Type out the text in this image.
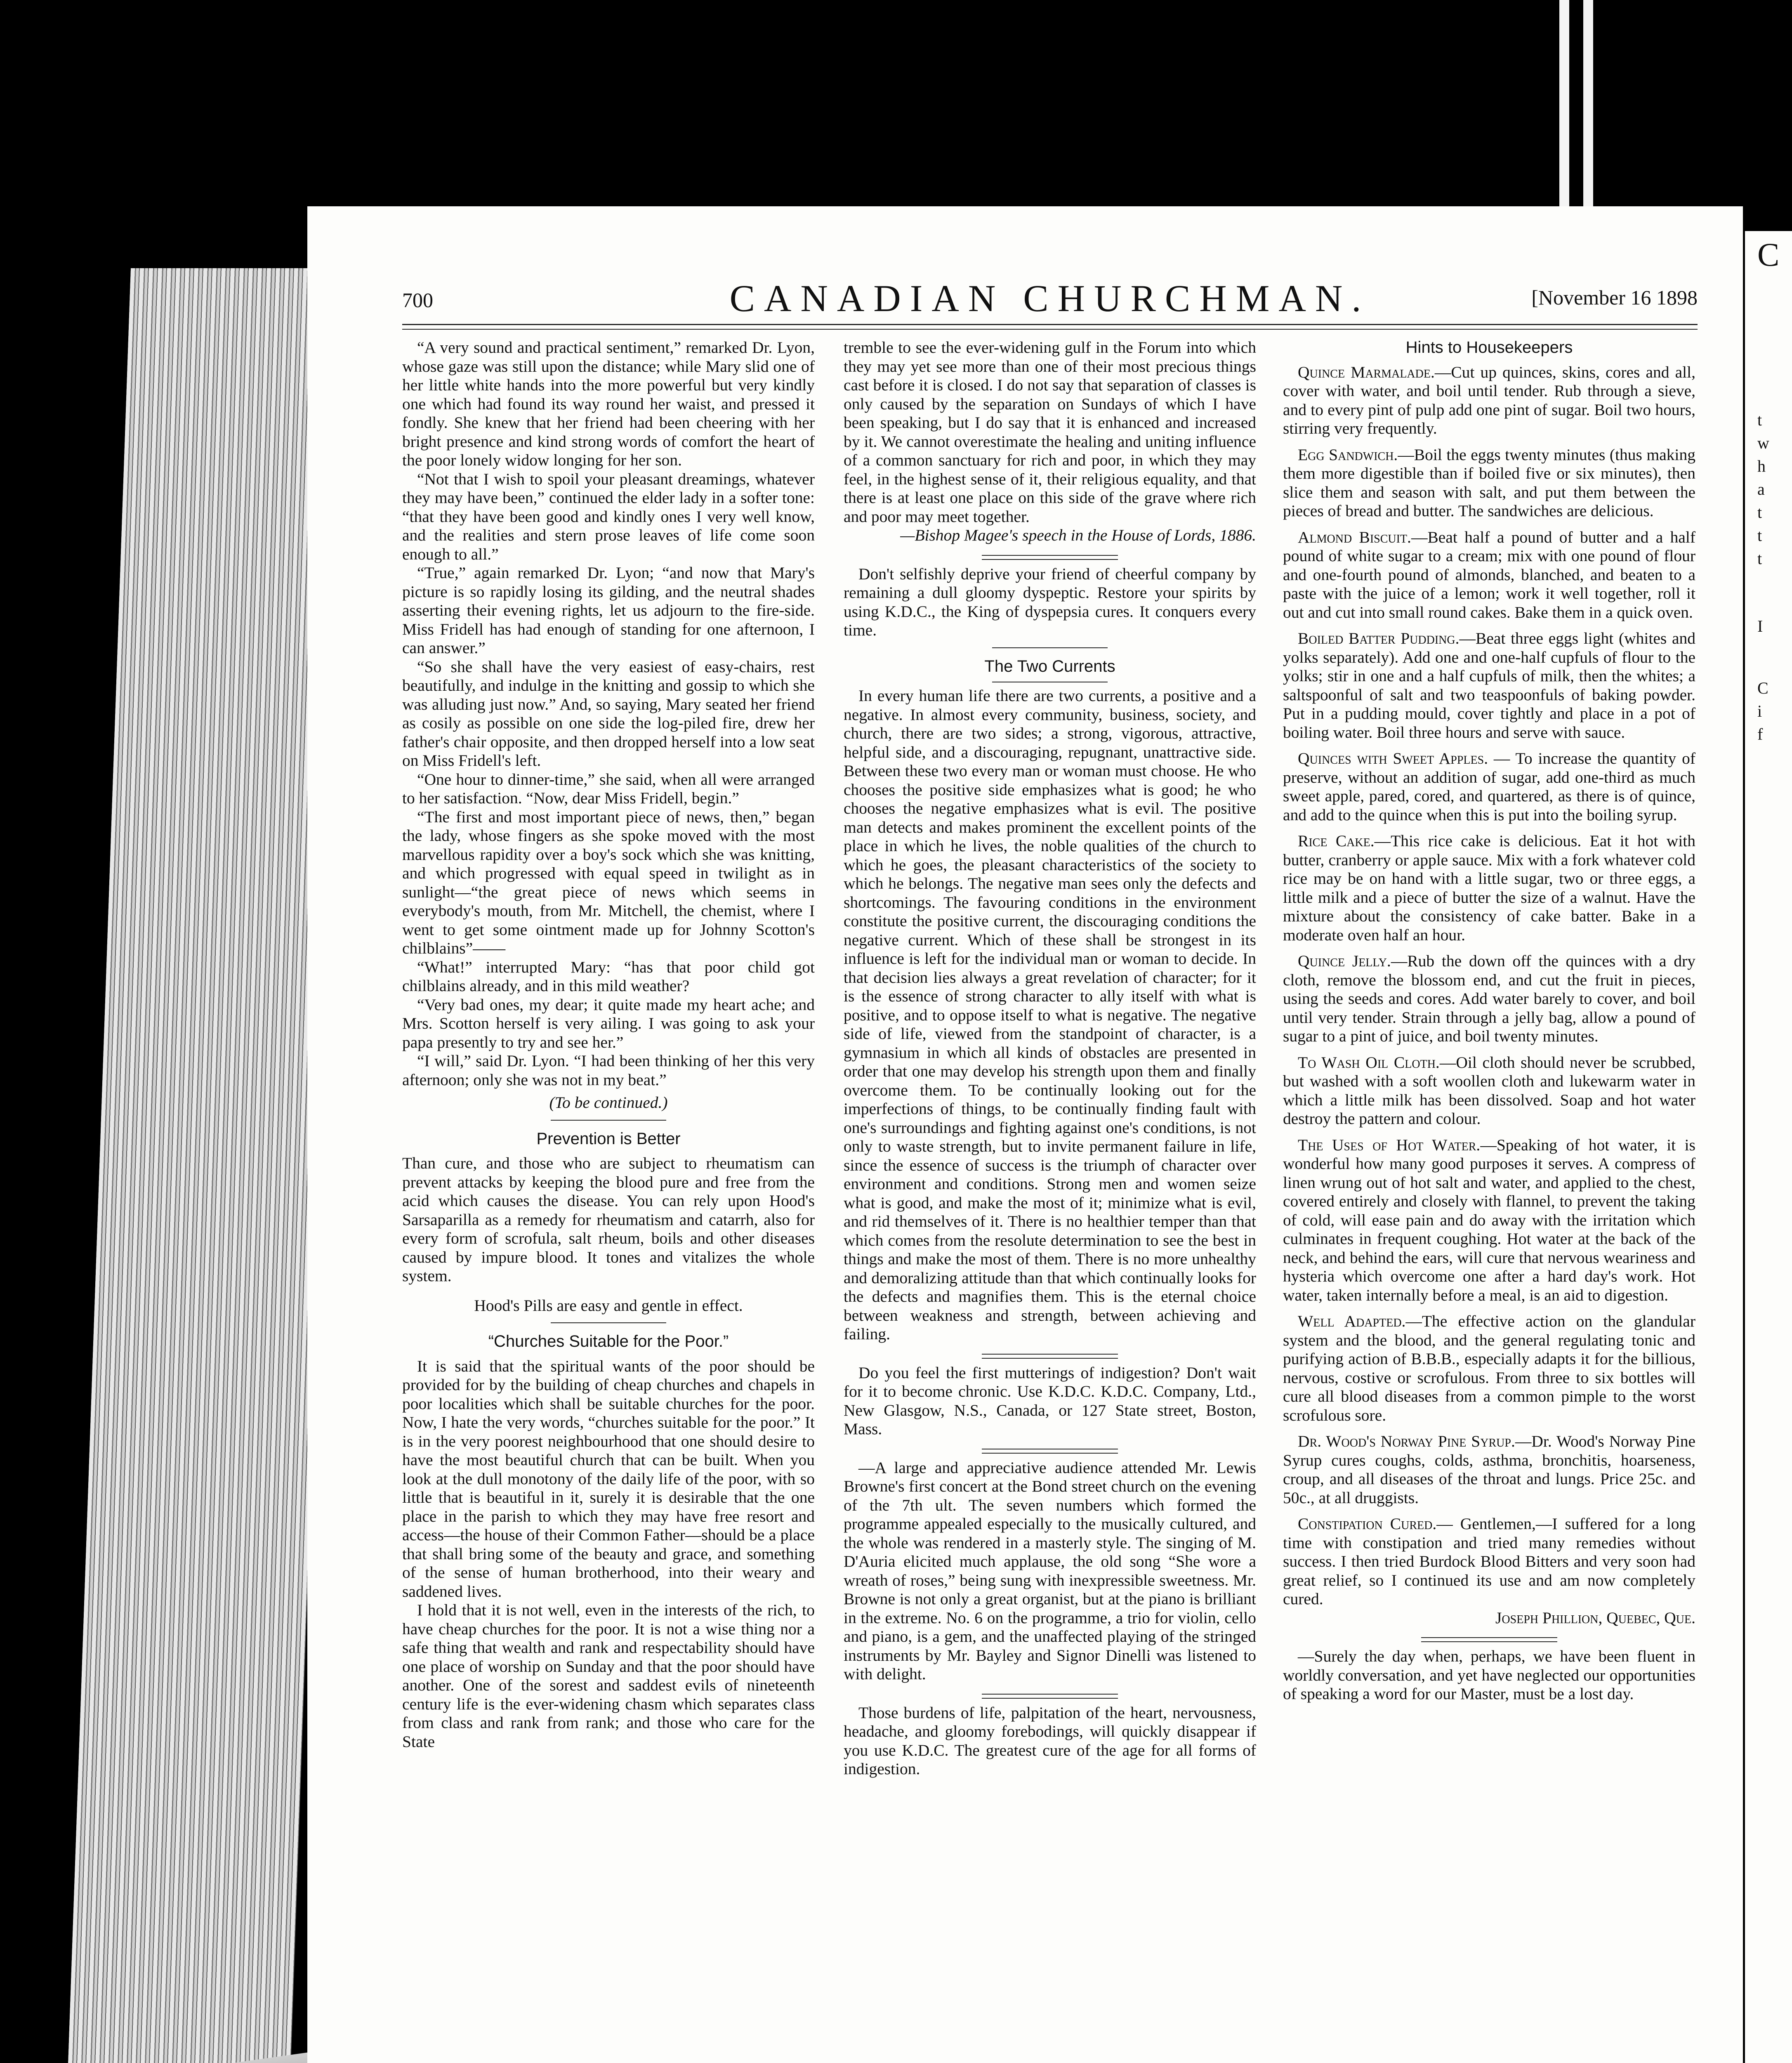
C
t
w
h
a
t
t
t
I
C
i
f
700	CANADIAN CHURCHMAN.	[November 16 1898

“A very sound and practical sentiment,” remarked Dr. Lyon, whose gaze was still upon the distance; while Mary slid one of her little white hands into the more powerful but very kindly one which had found its way round her waist, and pressed it fondly. She knew that her friend had been cheering with her bright presence and kind strong words of comfort the heart of the poor lonely widow longing for her son.

“Not that I wish to spoil your pleasant dreamings, whatever they may have been,” continued the elder lady in a softer tone: “that they have been good and kindly ones I very well know, and the realities and stern prose leaves of life come soon enough to all.”

“True,” again remarked Dr. Lyon; “and now that Mary's picture is so rapidly losing its gilding, and the neutral shades asserting their evening rights, let us adjourn to the fire-side. Miss Fridell has had enough of standing for one afternoon, I can answer.”

“So she shall have the very easiest of easy-chairs, rest beautifully, and indulge in the knitting and gossip to which she was alluding just now.” And, so saying, Mary seated her friend as cosily as possible on one side the log-piled fire, drew her father's chair opposite, and then dropped herself into a low seat on Miss Fridell's left.

“One hour to dinner-time,” she said, when all were arranged to her satisfaction. “Now, dear Miss Fridell, begin.”

“The first and most important piece of news, then,” began the lady, whose fingers as she spoke moved with the most marvellous rapidity over a boy's sock which she was knitting, and which progressed with equal speed in twilight as in sunlight—“the great piece of news which seems in everybody's mouth, from Mr. Mitchell, the chemist, where I went to get some ointment made up for Johnny Scotton's chilblains”——

“What!” interrupted Mary: “has that poor child got chilblains already, and in this mild weather?

“Very bad ones, my dear; it quite made my heart ache; and Mrs. Scotton herself is very ailing. I was going to ask your papa presently to try and see her.”

“I will,” said Dr. Lyon. “I had been thinking of her this very afternoon; only she was not in my beat.”

(To be continued.)
Prevention is Better

Than cure, and those who are subject to rheumatism can prevent attacks by keeping the blood pure and free from the acid which causes the disease. You can rely upon Hood's Sarsaparilla as a remedy for rheumatism and catarrh, also for every form of scrofula, salt rheum, boils and other diseases caused by impure blood. It tones and vitalizes the whole system.

Hood's Pills are easy and gentle in effect.

“Churches Suitable for the Poor.”

It is said that the spiritual wants of the poor should be provided for by the building of cheap churches and chapels in poor localities which shall be suitable churches for the poor. Now, I hate the very words, “churches suitable for the poor.” It is in the very poorest neighbourhood that one should desire to have the most beautiful church that can be built. When you look at the dull monotony of the daily life of the poor, with so little that is beautiful in it, surely it is desirable that the one place in the parish to which they may have free resort and access—the house of their Common Father—should be a place that shall bring some of the beauty and grace, and something of the sense of human brotherhood, into their weary and saddened lives.

I hold that it is not well, even in the interests of the rich, to have cheap churches for the poor. It is not a wise thing nor a safe thing that wealth and rank and respectability should have one place of worship on Sunday and that the poor should have another. One of the sorest and saddest evils of nineteenth century life is the ever-widening chasm which separates class from class and rank from rank; and those who care for the State

tremble to see the ever-widening gulf in the Forum into which they may yet see more than one of their most precious things cast before it is closed. I do not say that separation of classes is only caused by the separation on Sundays of which I have been speaking, but I do say that it is enhanced and increased by it. We cannot overestimate the healing and uniting influence of a common sanctuary for rich and poor, in which they may feel, in the highest sense of it, their religious equality, and that there is at least one place on this side of the grave where rich and poor may meet together.

—Bishop Magee's speech in the House of Lords, 1886.

Don't selfishly deprive your friend of cheerful company by remaining a dull gloomy dyspeptic. Restore your spirits by using K.D.C., the King of dyspepsia cures. It conquers every time.

The Two Currents

In every human life there are two currents, a positive and a negative. In almost every community, business, society, and church, there are two sides; a strong, vigorous, attractive, helpful side, and a discouraging, repugnant, unattractive side. Between these two every man or woman must choose. He who chooses the positive side emphasizes what is good; he who chooses the negative emphasizes what is evil. The positive man detects and makes prominent the excellent points of the place in which he lives, the noble qualities of the church to which he goes, the pleasant characteristics of the society to which he belongs. The negative man sees only the defects and shortcomings. The favouring conditions in the environment constitute the positive current, the discouraging conditions the negative current. Which of these shall be strongest in its influence is left for the individual man or woman to decide. In that decision lies always a great revelation of character; for it is the essence of strong character to ally itself with what is positive, and to oppose itself to what is negative. The negative side of life, viewed from the standpoint of character, is a gymnasium in which all kinds of obstacles are presented in order that one may develop his strength upon them and finally overcome them. To be continually looking out for the imperfections of things, to be continually finding fault with one's surroundings and fighting against one's conditions, is not only to waste strength, but to invite permanent failure in life, since the essence of success is the triumph of character over environment and conditions. Strong men and women seize what is good, and make the most of it; minimize what is evil, and rid themselves of it. There is no healthier temper than that which comes from the resolute determination to see the best in things and make the most of them. There is no more unhealthy and demoralizing attitude than that which continually looks for the defects and magnifies them. This is the eternal choice between weakness and strength, between achieving and failing.

Do you feel the first mutterings of indigestion? Don't wait for it to become chronic. Use K.D.C. K.D.C. Company, Ltd., New Glasgow, N.S., Canada, or 127 State street, Boston, Mass.

—A large and appreciative audience attended Mr. Lewis Browne's first concert at the Bond street church on the evening of the 7th ult. The seven numbers which formed the programme appealed especially to the musically cultured, and the whole was rendered in a masterly style. The singing of M. D'Auria elicited much applause, the old song “She wore a wreath of roses,” being sung with inexpressible sweetness. Mr. Browne is not only a great organist, but at the piano is brilliant in the extreme. No. 6 on the programme, a trio for violin, cello and piano, is a gem, and the unaffected playing of the stringed instruments by Mr. Bayley and Signor Dinelli was listened to with delight.

Those burdens of life, palpitation of the heart, nervousness, headache, and gloomy forebodings, will quickly disappear if you use K.D.C. The greatest cure of the age for all forms of indigestion.

Hints to Housekeepers

Quince Marmalade.—Cut up quinces, skins, cores and all, cover with water, and boil until tender. Rub through a sieve, and to every pint of pulp add one pint of sugar. Boil two hours, stirring very frequently.

Egg Sandwich.—Boil the eggs twenty minutes (thus making them more digestible than if boiled five or six minutes), then slice them and season with salt, and put them between the pieces of bread and butter. The sandwiches are delicious.

Almond Biscuit.—Beat half a pound of butter and a half pound of white sugar to a cream; mix with one pound of flour and one-fourth pound of almonds, blanched, and beaten to a paste with the juice of a lemon; work it well together, roll it out and cut into small round cakes. Bake them in a quick oven.

Boiled Batter Pudding.—Beat three eggs light (whites and yolks separately). Add one and one-half cupfuls of flour to the yolks; stir in one and a half cupfuls of milk, then the whites; a saltspoonful of salt and two teaspoonfuls of baking powder. Put in a pudding mould, cover tightly and place in a pot of boiling water. Boil three hours and serve with sauce.

Quinces with Sweet Apples. — To increase the quantity of preserve, without an addition of sugar, add one-third as much sweet apple, pared, cored, and quartered, as there is of quince, and add to the quince when this is put into the boiling syrup.

Rice Cake.—This rice cake is delicious. Eat it hot with butter, cranberry or apple sauce. Mix with a fork whatever cold rice may be on hand with a little sugar, two or three eggs, a little milk and a piece of butter the size of a walnut. Have the mixture about the consistency of cake batter. Bake in a moderate oven half an hour.

Quince Jelly.—Rub the down off the quinces with a dry cloth, remove the blossom end, and cut the fruit in pieces, using the seeds and cores. Add water barely to cover, and boil until very tender. Strain through a jelly bag, allow a pound of sugar to a pint of juice, and boil twenty minutes.

To Wash Oil Cloth.—Oil cloth should never be scrubbed, but washed with a soft woollen cloth and lukewarm water in which a little milk has been dissolved. Soap and hot water destroy the pattern and colour.

The Uses of Hot Water.—Speaking of hot water, it is wonderful how many good purposes it serves. A compress of linen wrung out of hot salt and water, and applied to the chest, covered entirely and closely with flannel, to prevent the taking of cold, will ease pain and do away with the irritation which culminates in frequent coughing. Hot water at the back of the neck, and behind the ears, will cure that nervous weariness and hysteria which overcome one after a hard day's work. Hot water, taken internally before a meal, is an aid to digestion.

Well Adapted.—The effective action on the glandular system and the blood, and the general regulating tonic and purifying action of B.B.B., especially adapts it for the billious, nervous, costive or scrofulous. From three to six bottles will cure all blood diseases from a common pimple to the worst scrofulous sore.

Dr. Wood's Norway Pine Syrup.—Dr. Wood's Norway Pine Syrup cures coughs, colds, asthma, bronchitis, hoarseness, croup, and all diseases of the throat and lungs. Price 25c. and 50c., at all druggists.

Constipation Cured.— Gentlemen,—I suffered for a long time with constipation and tried many remedies without success. I then tried Burdock Blood Bitters and very soon had great relief, so I continued its use and am now completely cured.

Joseph Phillion, Quebec, Que.

—Surely the day when, perhaps, we have been fluent in worldly conversation, and yet have neglected our opportunities of speaking a word for our Master, must be a lost day.
